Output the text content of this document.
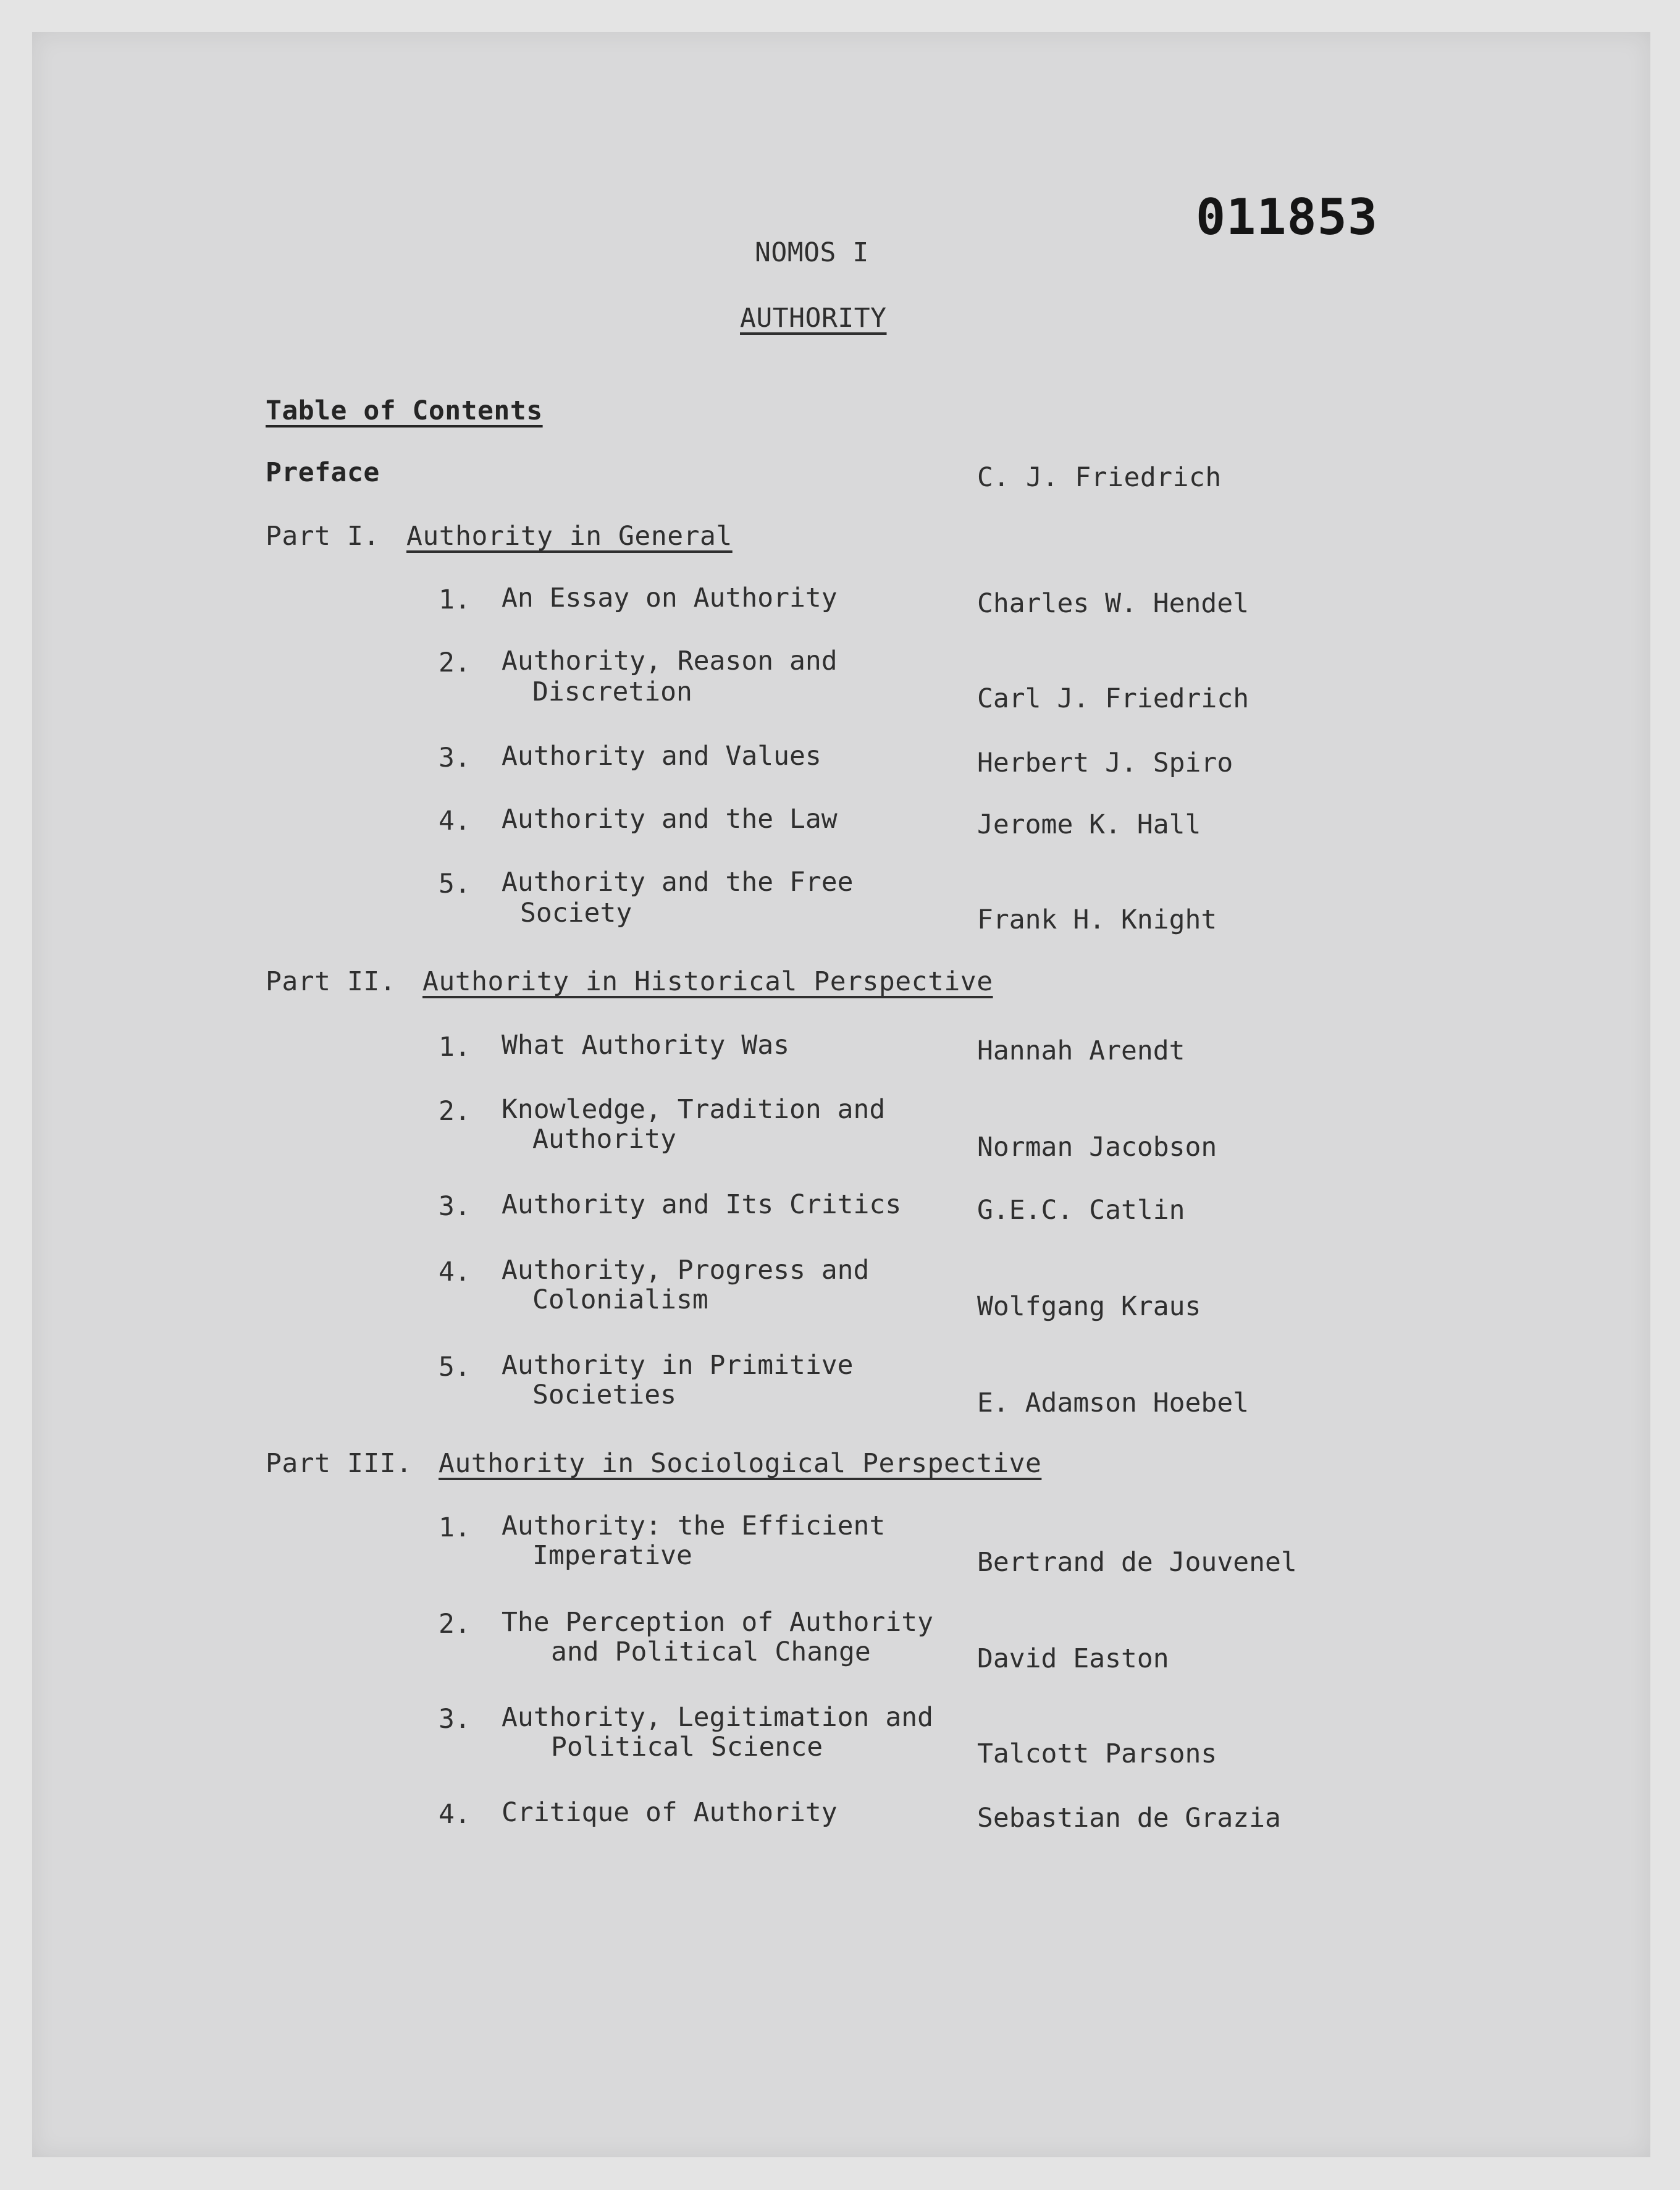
011853
NOMOS I
AUTHORITY
Table of Contents
Preface	C. J. Friedrich
Part I. Authority in General
1. An Essay on Authority	Charles W. Hendel
2. Authority, Reason and
Discretion	Carl J. Friedrich
3. Authority and Values	Herbert J. Spiro
4. Authority and the Law	Jerome K. Hall
5. Authority and the Free
Society	Frank H. Knight
Part II. Authority in Historical Perspective
1. What Authority Was	Hannah Arendt
2. Knowledge, Tradition and
Authority	Norman Jacobson
3. Authority and Its Critics	G.E.C. Catlin
4. Authority, Progress and
Colonialism	Wolfgang Kraus
5. Authority in Primitive
Societies	E. Adamson Hoebel
Part III. Authority in Sociological Perspective
1. Authority: the Efficient
Imperative	Bertrand de Jouvenel
2. The Perception of Authority
and Political Change	David Easton
3. Authority, Legitimation and
Political Science	Talcott Parsons
4. Critique of Authority	Sebastian de Grazia
